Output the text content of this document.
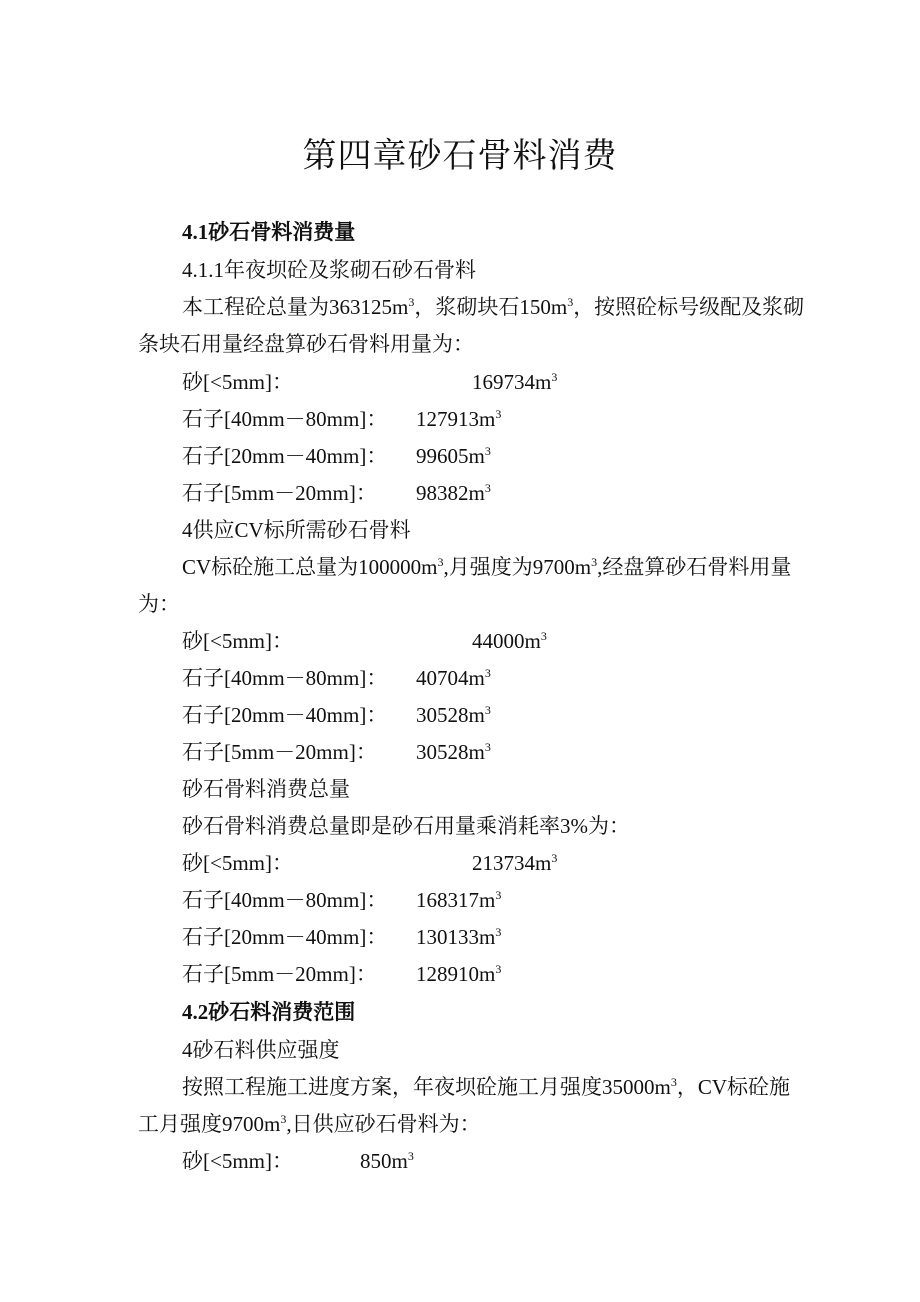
第四章砂石骨料消费
4.1砂石骨料消费量
4.1.1年夜坝砼及浆砌石砂石骨料
本工程砼总量为$363125m^3$，浆砌块石$150m^3$，按照砼标号级配及浆砌
条块石用量经盘算砂石骨料用量为：
砂[<5mm]：	$169734m^3$
石子[40mm－80mm]： $127913m^3$
石子[20mm－40mm]： $99605m^3$
石子[5mm－20mm]： $98382m^3$
4供应CV标所需砂石骨料
CV标砼施工总量为$100000m^3$,月强度为$9700m^3$,经盘算砂石骨料用量
为：
砂[<5mm]：	$44000m^3$
石子[40mm－80mm]： $40704m^3$
石子[20mm－40mm]： $30528m^3$
石子[5mm－20mm]： $30528m^3$
砂石骨料消费总量
砂石骨料消费总量即是砂石用量乘消耗率3%为：
砂[<5mm]：	$213734m^3$
石子[40mm－80mm]： $168317m^3$
石子[20mm－40mm]： $130133m^3$
石子[5mm－20mm]： $128910m^3$
4.2砂石料消费范围
4砂石料供应强度
按照工程施工进度方案，年夜坝砼施工月强度$35000m^3$，CV标砼施
工月强度$9700m^3$,日供应砂石骨料为：
砂[<5mm]：	$850m^3$
